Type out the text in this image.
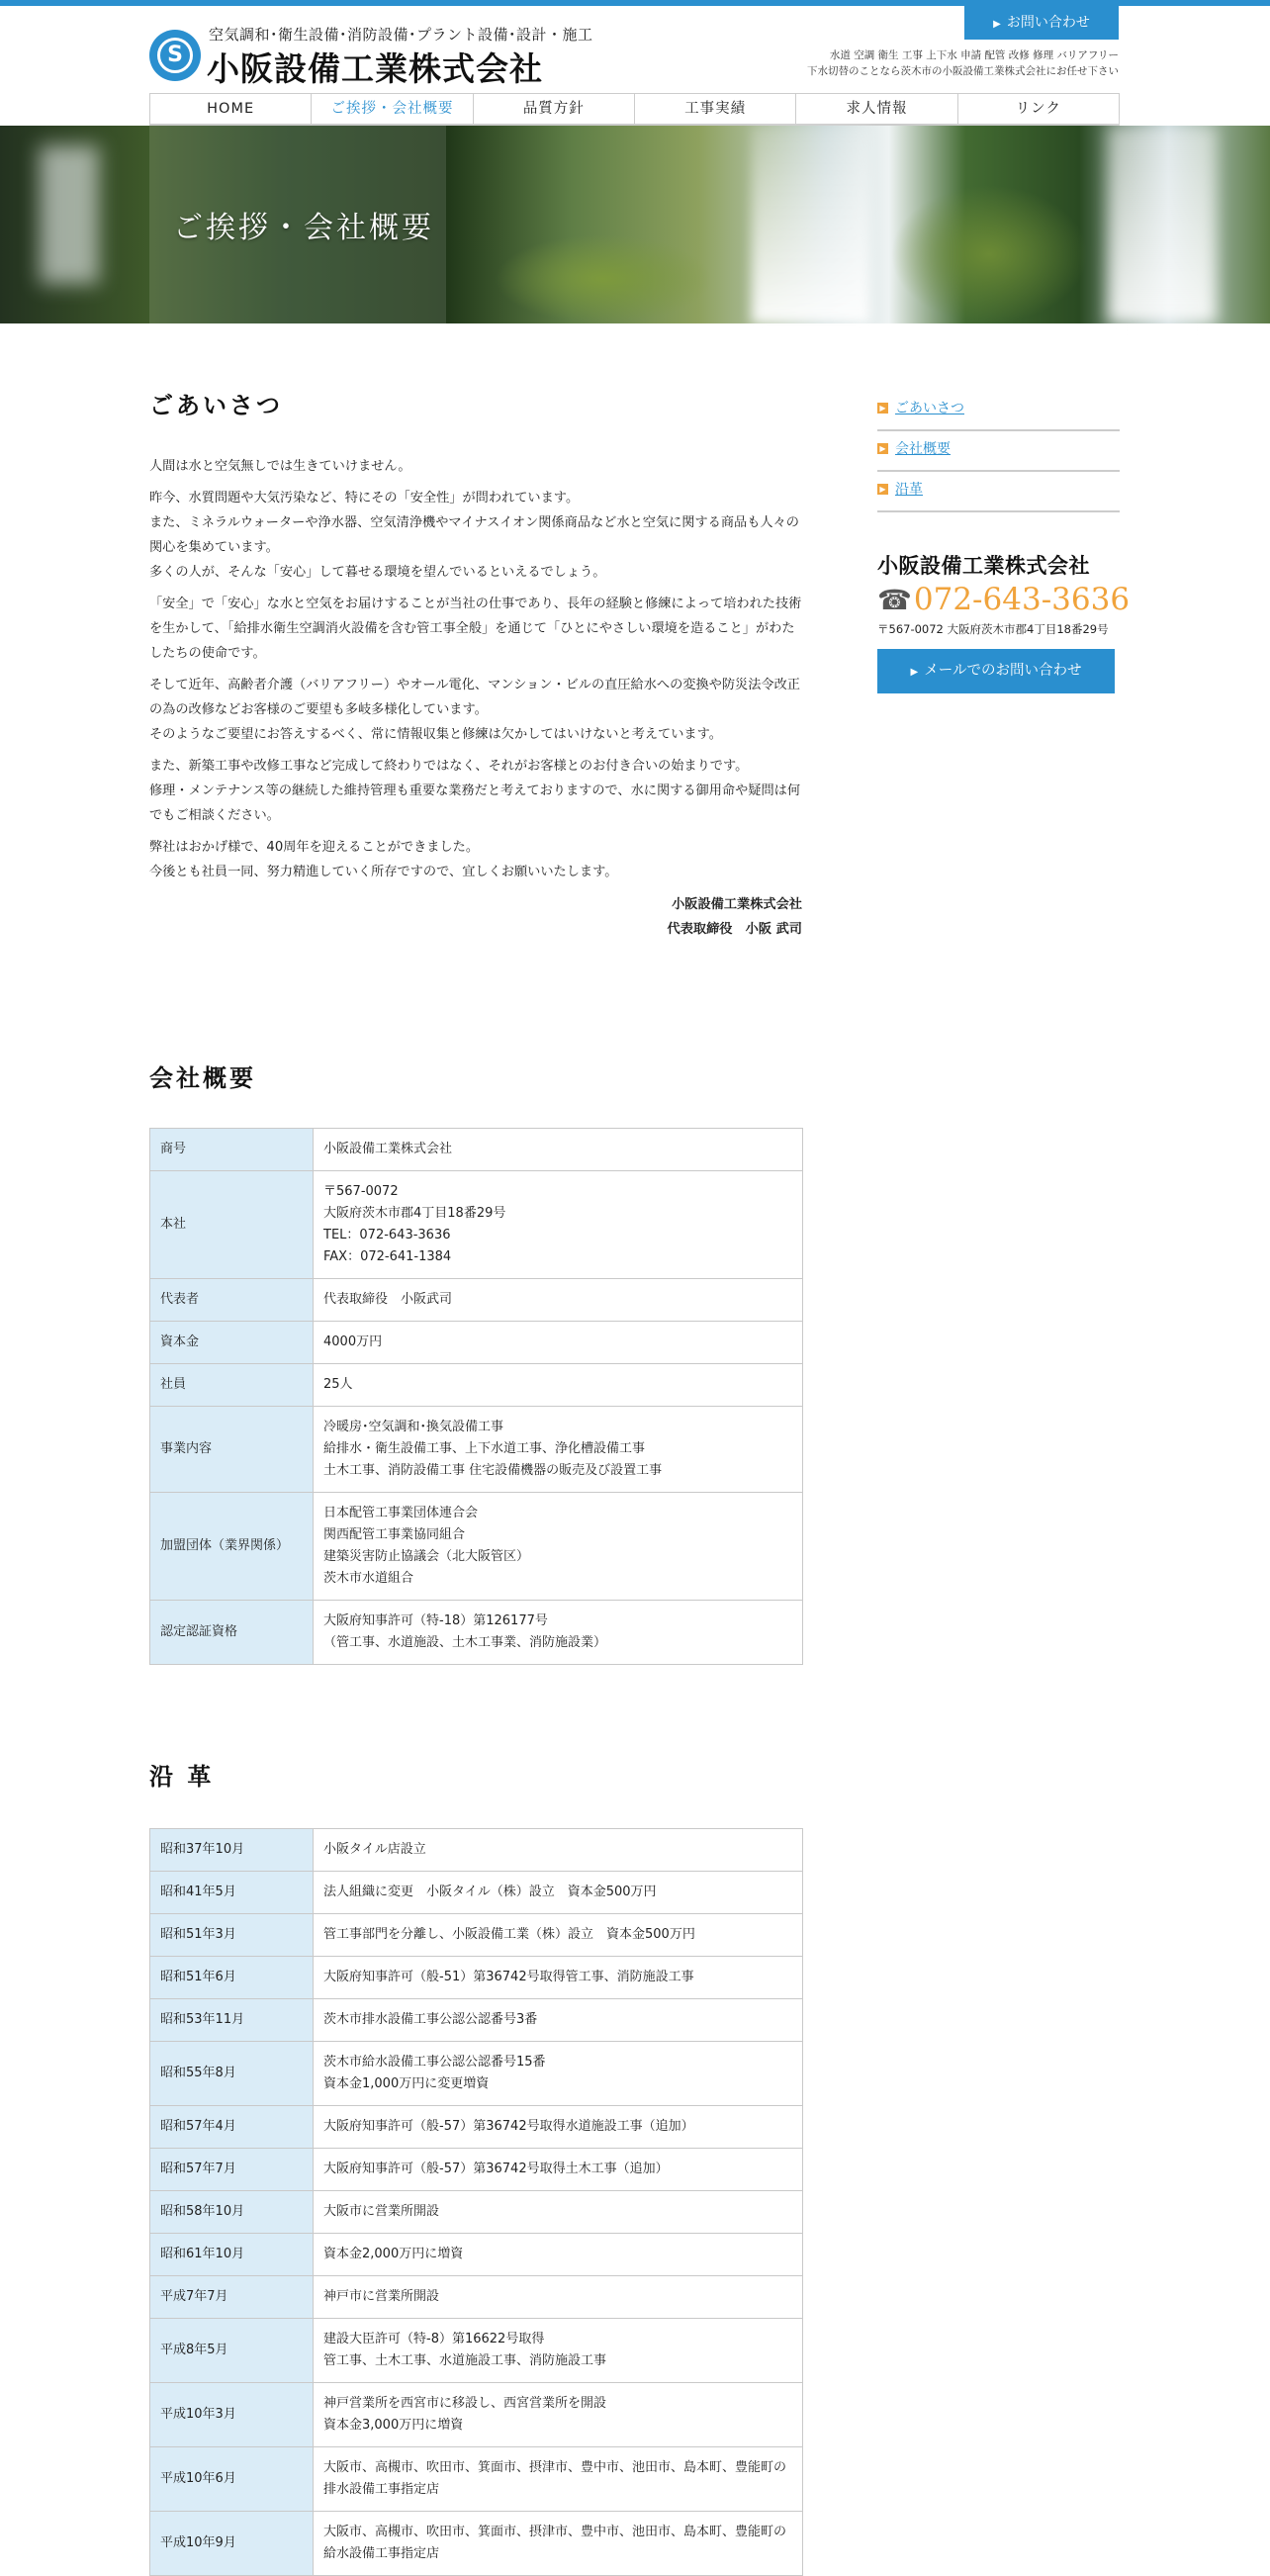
S
空気調和･衛生設備･消防設備･プラント設備･設計・施工
小阪設備工業株式会社
▶ お問い合わせ
水道 空調 衛生 工事 上下水 申請 配管 改修 修理 バリアフリー
下水切替のことなら茨木市の小阪設備工業株式会社にお任せ下さい
HOME	ご挨拶・会社概要	品質方針	工事実績	求人情報	リンク
ご挨拶・会社概要
ごあいさつ

人間は水と空気無しでは生きていけません。

昨今、水質問題や大気汚染など、特にその「安全性」が問われています。
また、ミネラルウォーターや浄水器、空気清浄機やマイナスイオン関係商品など水と空気に関する商品も人々の関心を集めています。
多くの人が、そんな「安心」して暮せる環境を望んでいるといえるでしょう。

「安全」で「安心」な水と空気をお届けすることが当社の仕事であり、長年の経験と修練によって培われた技術を生かして、「給排水衛生空調消火設備を含む管工事全般」を通じて「ひとにやさしい環境を造ること」がわたしたちの使命です。

そして近年、高齢者介護（バリアフリー）やオール電化、マンション・ビルの直圧給水への変換や防災法令改正の為の改修などお客様のご要望も多岐多様化しています。
そのようなご要望にお答えするべく、常に情報収集と修練は欠かしてはいけないと考えています。

また、新築工事や改修工事など完成して終わりではなく、それがお客様とのお付き合いの始まりです。
修理・メンテナンス等の継続した維持管理も重要な業務だと考えておりますので、水に関する御用命や疑問は何でもご相談ください。

弊社はおかげ様で、40周年を迎えることができました。
今後とも社員一同、努力精進していく所存ですので、宜しくお願いいたします。

小阪設備工業株式会社
代表取締役　小阪 武司
会社概要
商号	小阪設備工業株式会社
本社	〒567-0072
大阪府茨木市郡4丁目18番29号
TEL：072-643-3636
FAX：072-641-1384
代表者	代表取締役　小阪武司
資本金	4000万円
社員	25人
事業内容	冷暖房･空気調和･換気設備工事
給排水・衛生設備工事、上下水道工事、浄化槽設備工事
土木工事、消防設備工事 住宅設備機器の販売及び設置工事
加盟団体（業界関係）	日本配管工事業団体連合会
関西配管工事業協同組合
建築災害防止協議会（北大阪管区）
茨木市水道組合
認定認証資格	大阪府知事許可（特-18）第126177号
（管工事、水道施設、土木工事業、消防施設業）
沿 革
昭和37年10月	小阪タイル店設立
昭和41年5月	法人組織に変更　小阪タイル（株）設立　資本金500万円
昭和51年3月	管工事部門を分離し、小阪設備工業（株）設立　資本金500万円
昭和51年6月	大阪府知事許可（般-51）第36742号取得管工事、消防施設工事
昭和53年11月	茨木市排水設備工事公認公認番号3番
昭和55年8月	茨木市給水設備工事公認公認番号15番
資本金1,000万円に変更増資
昭和57年4月	大阪府知事許可（般-57）第36742号取得水道施設工事（追加）
昭和57年7月	大阪府知事許可（般-57）第36742号取得土木工事（追加）
昭和58年10月	大阪市に営業所開設
昭和61年10月	資本金2,000万円に増資
平成7年7月	神戸市に営業所開設
平成8年5月	建設大臣許可（特-8）第16622号取得
管工事、土木工事、水道施設工事、消防施設工事
平成10年3月	神戸営業所を西宮市に移設し、西宮営業所を開設
資本金3,000万円に増資
平成10年6月	大阪市、高槻市、吹田市、箕面市、摂津市、豊中市、池田市、島本町、豊能町の排水設備工事指定店
平成10年9月	大阪市、高槻市、吹田市、箕面市、摂津市、豊中市、池田市、島本町、豊能町の給水設備工事指定店
▶ ごあいさつ
▶ 会社概要
▶ 沿革
小阪設備工業株式会社
☎072-643-3636
〒567-0072 大阪府茨木市郡4丁目18番29号
▶ メールでのお問い合わせ
